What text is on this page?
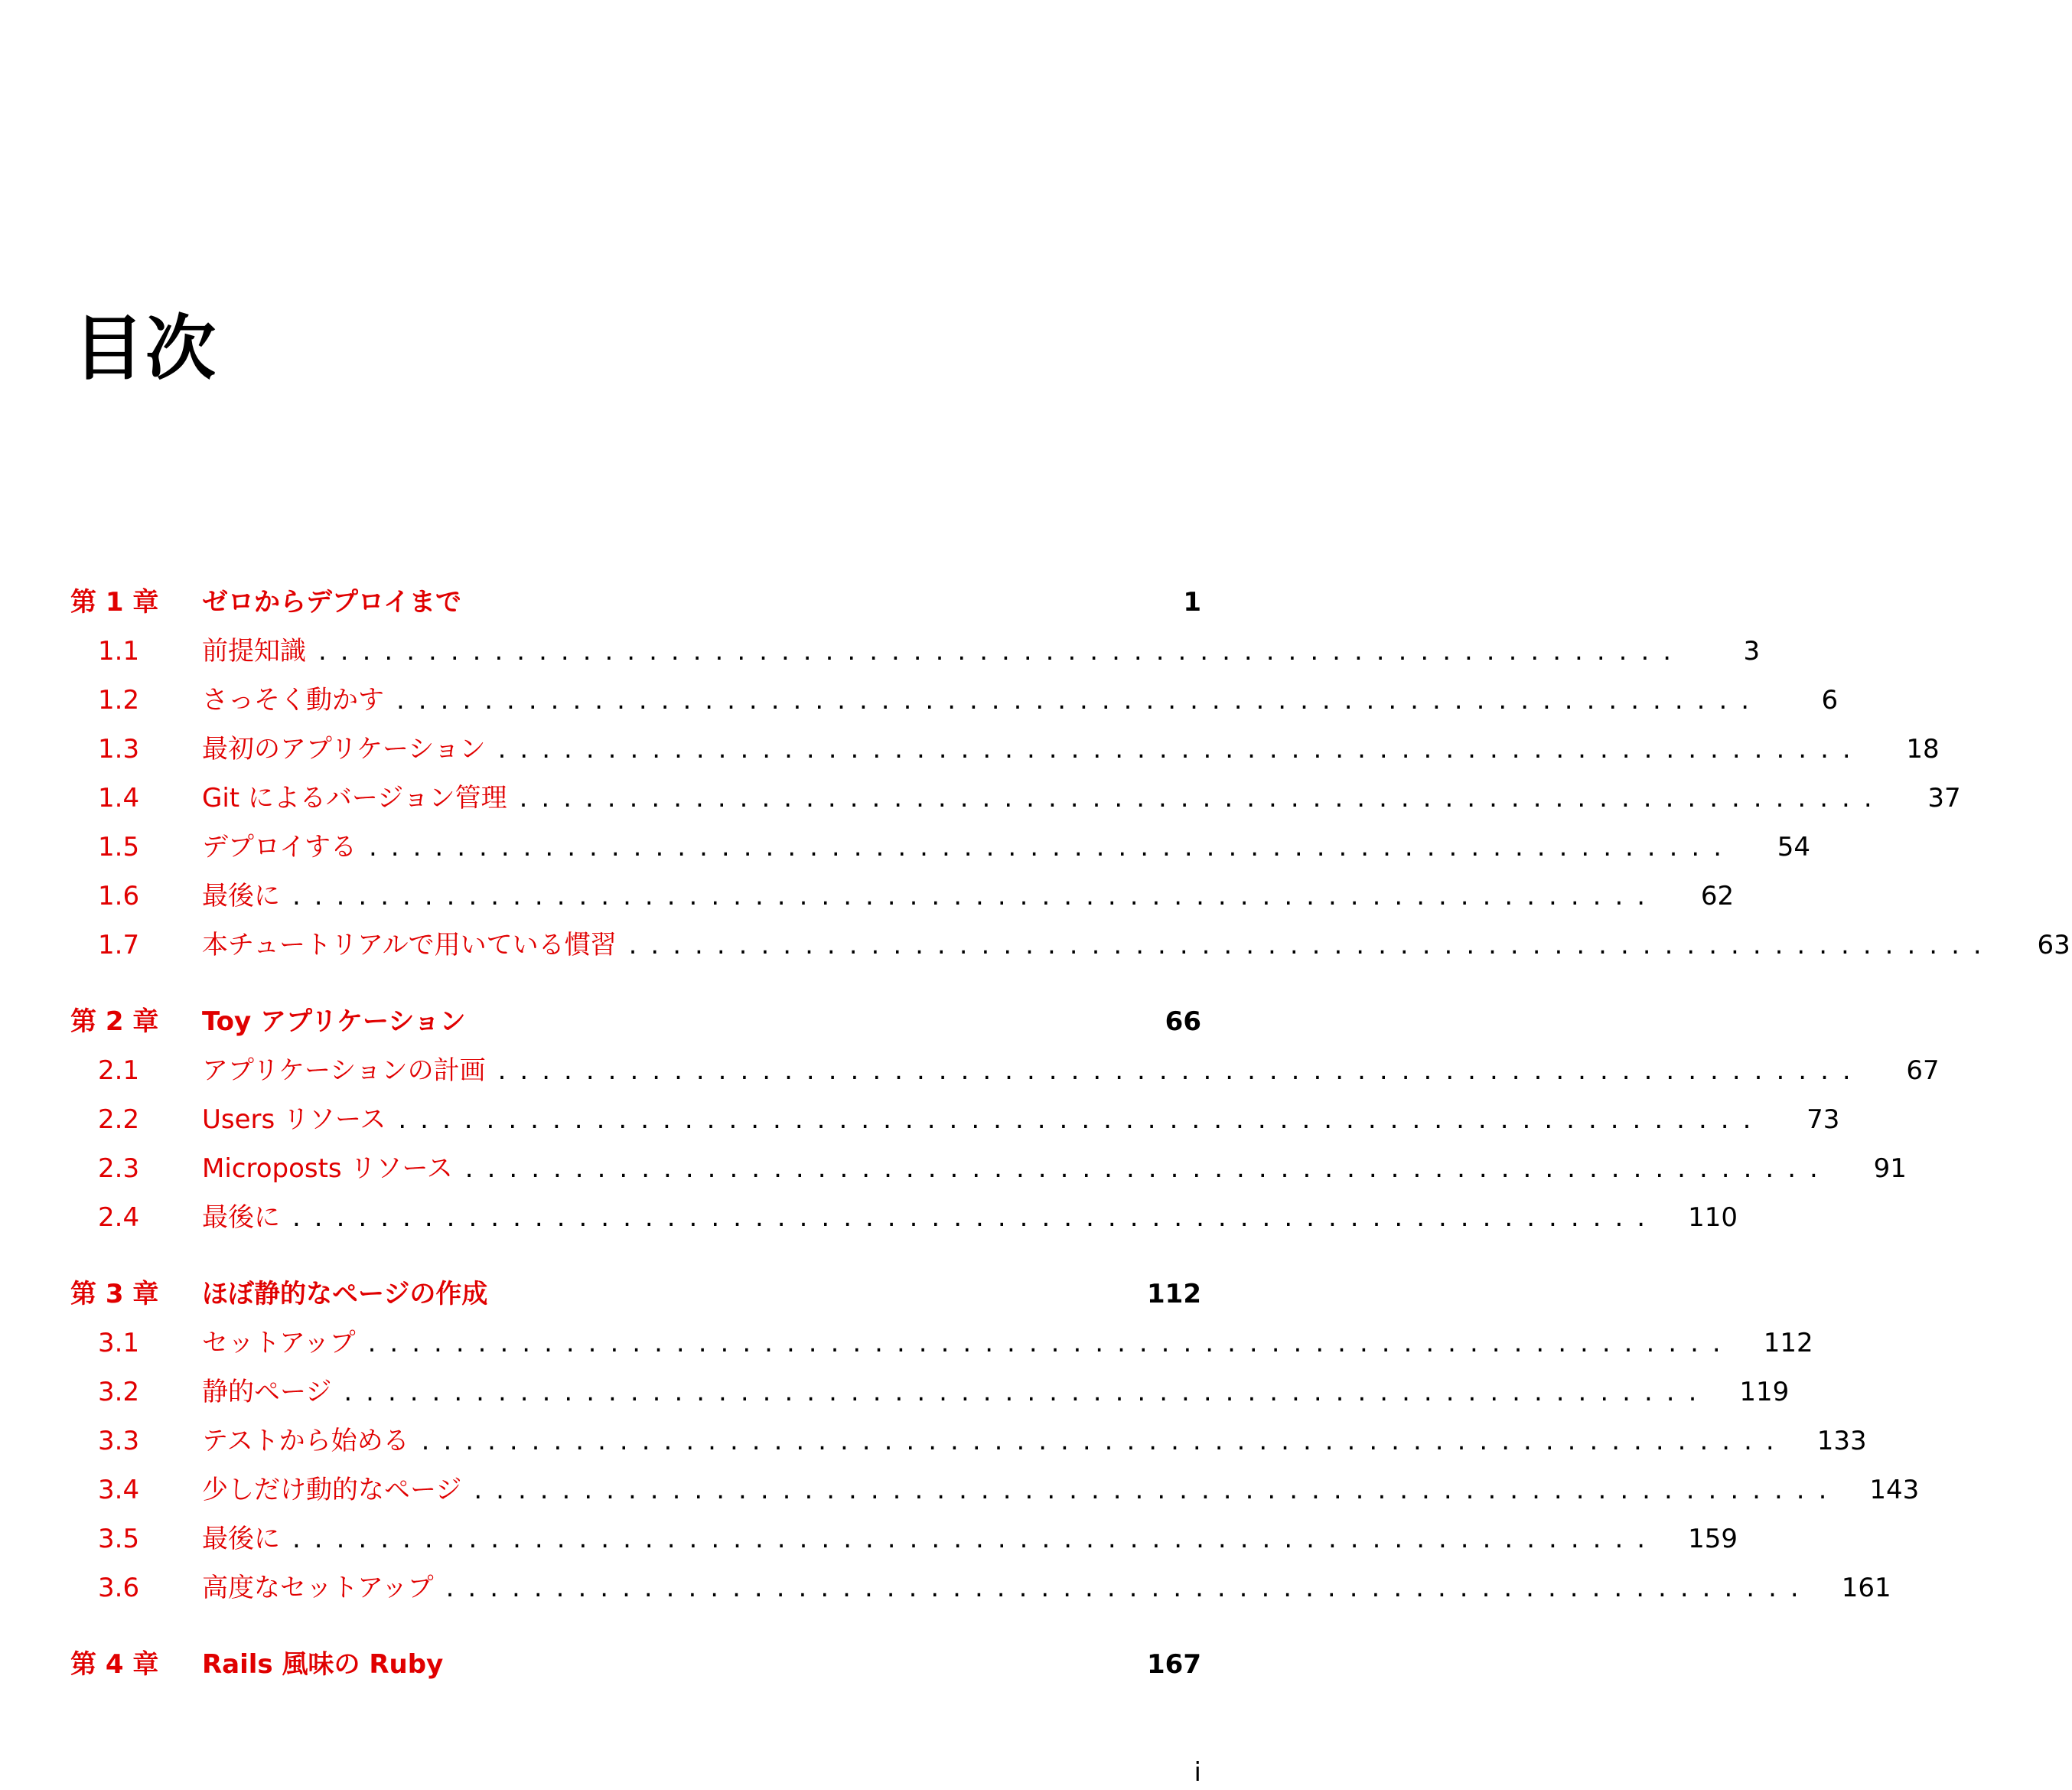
目次
第 1 章	ゼロからデプロイまで	1
1.1	前提知識 ..............................................................	3
1.2	さっそく動かす ..............................................................	6
1.3	最初のアプリケーション ..............................................................	18
1.4	Git によるバージョン管理 ..............................................................	37
1.5	デプロイする ..............................................................	54
1.6	最後に ..............................................................	62
1.7	本チュートリアルで用いている慣習 ..............................................................	63
第 2 章	Toy アプリケーション	66
2.1	アプリケーションの計画 ..............................................................	67
2.2	Users リソース ..............................................................	73
2.3	Microposts リソース ..............................................................	91
2.4	最後に .............................................................. 110
第 3 章	ほぼ静的なページの作成	112
3.1	セットアップ .............................................................. 112
3.2	静的ページ .............................................................. 119
3.3	テストから始める .............................................................. 133
3.4	少しだけ動的なページ .............................................................. 143
3.5	最後に .............................................................. 159
3.6	高度なセットアップ .............................................................. 161
第 4 章	Rails 風味の Ruby	167
i
